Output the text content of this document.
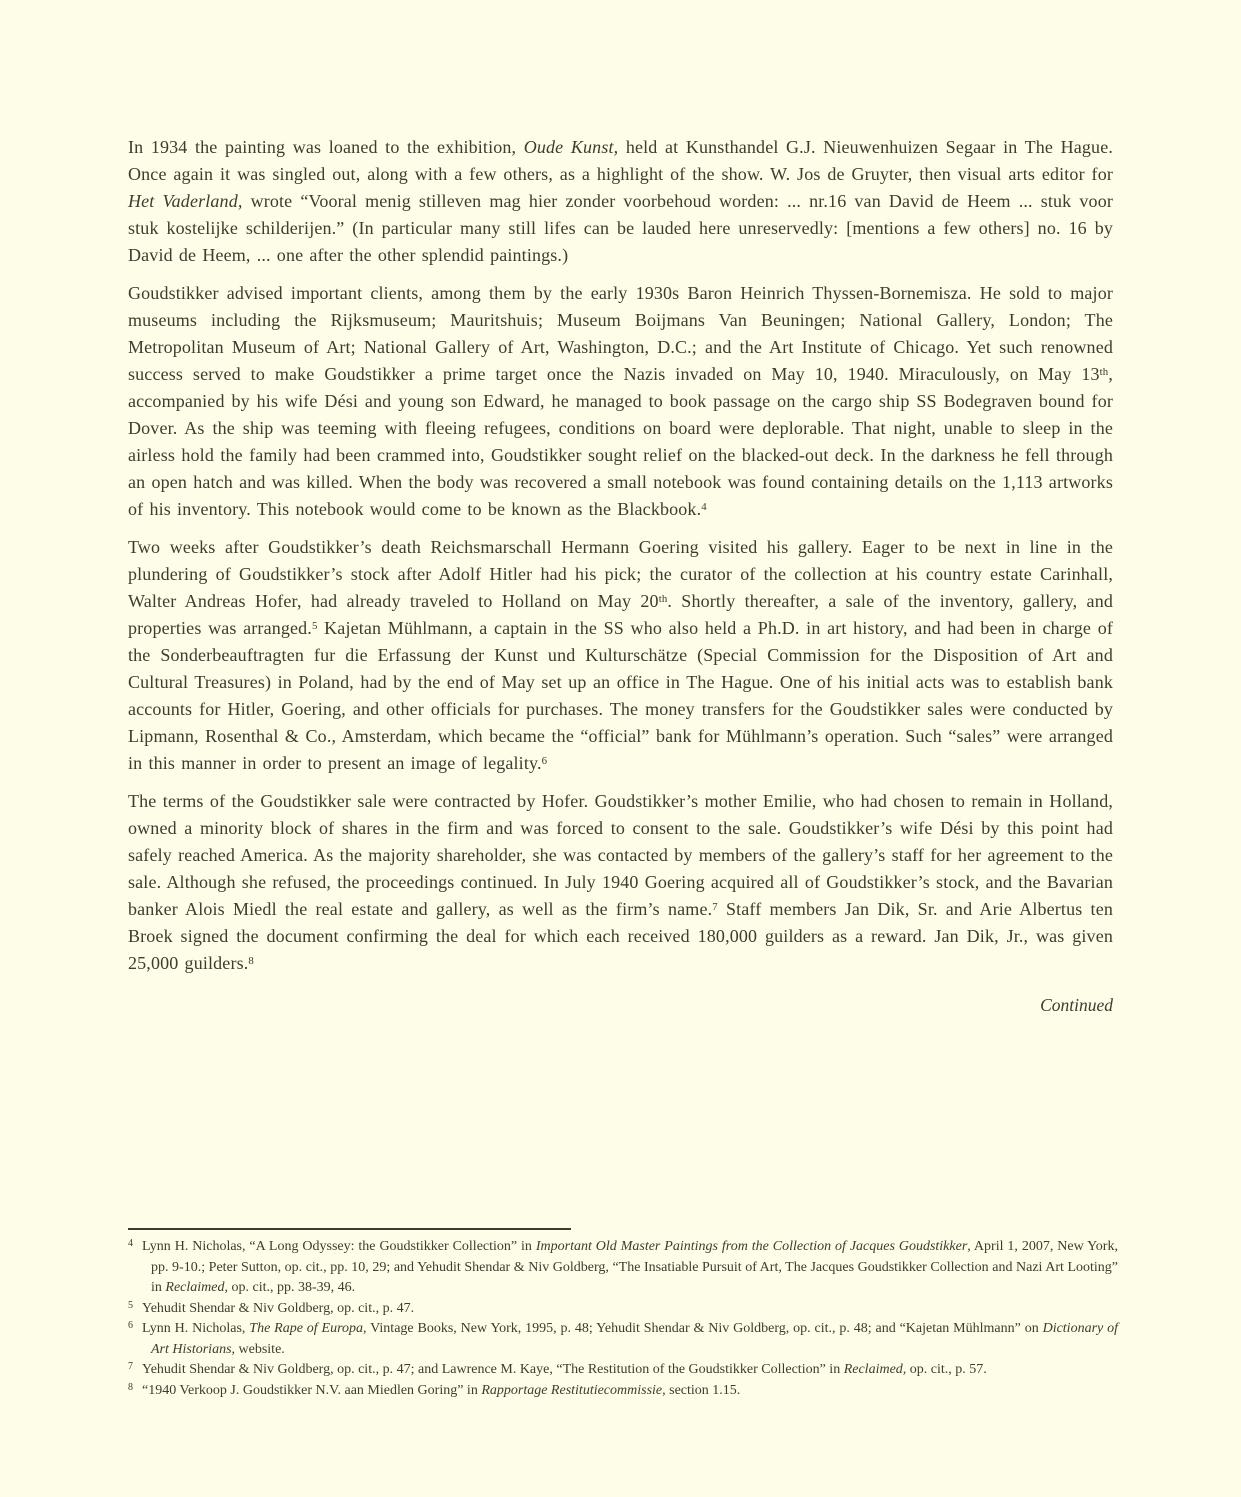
In 1934 the painting was loaned to the exhibition, Oude Kunst, held at Kunsthandel G.J. Nieuwenhuizen Segaar in The Hague. Once again it was singled out, along with a few others, as a highlight of the show. W. Jos de Gruyter, then visual arts editor for Het Vaderland, wrote “Vooral menig stilleven mag hier zonder voorbehoud worden: ... nr.16 van David de Heem ... stuk voor stuk kostelijke schilderijen.” (In particular many still lifes can be lauded here unreservedly: [mentions a few others] no. 16 by David de Heem, ... one after the other splendid paintings.)

Goudstikker advised important clients, among them by the early 1930s Baron Heinrich Thyssen-Bornemisza. He sold to major museums including the Rijksmuseum; Mauritshuis; Museum Boijmans Van Beuningen; National Gallery, London; The Metropolitan Museum of Art; National Gallery of Art, Washington, D.C.; and the Art Institute of Chicago. Yet such renowned success served to make Goudstikker a prime target once the Nazis invaded on May 10, 1940. Miraculously, on May 13th, accompanied by his wife Dési and young son Edward, he managed to book passage on the cargo ship SS Bodegraven bound for Dover. As the ship was teeming with fleeing refugees, conditions on board were deplorable. That night, unable to sleep in the airless hold the family had been crammed into, Goudstikker sought relief on the blacked-out deck. In the darkness he fell through an open hatch and was killed. When the body was recovered a small notebook was found containing details on the 1,113 artworks of his inventory. This notebook would come to be known as the Blackbook.$^4$

Two weeks after Goudstikker’s death Reichsmarschall Hermann Goering visited his gallery. Eager to be next in line in the plundering of Goudstikker’s stock after Adolf Hitler had his pick; the curator of the collection at his country estate Carinhall, Walter Andreas Hofer, had already traveled to Holland on May 20th. Shortly thereafter, a sale of the inventory, gallery, and properties was arranged.$^5$ Kajetan Mühlmann, a captain in the SS who also held a Ph.D. in art history, and had been in charge of the Sonderbeauftragten fur die Erfassung der Kunst und Kulturschätze (Special Commission for the Disposition of Art and Cultural Treasures) in Poland, had by the end of May set up an office in The Hague. One of his initial acts was to establish bank accounts for Hitler, Goering, and other officials for purchases. The money transfers for the Goudstikker sales were conducted by Lipmann, Rosenthal & Co., Amsterdam, which became the “official” bank for Mühlmann’s operation. Such “sales” were arranged in this manner in order to present an image of legality.$^6$

The terms of the Goudstikker sale were contracted by Hofer. Goudstikker’s mother Emilie, who had chosen to remain in Holland, owned a minority block of shares in the firm and was forced to consent to the sale. Goudstikker’s wife Dési by this point had safely reached America. As the majority shareholder, she was contacted by members of the gallery’s staff for her agreement to the sale. Although she refused, the proceedings continued. In July 1940 Goering acquired all of Goudstikker’s stock, and the Bavarian banker Alois Miedl the real estate and gallery, as well as the firm’s name.$^7$ Staff members Jan Dik, Sr. and Arie Albertus ten Broek signed the document confirming the deal for which each received 180,000 guilders as a reward. Jan Dik, Jr., was given 25,000 guilders.$^8$

Continued
$^4$ Lynn H. Nicholas, “A Long Odyssey: the Goudstikker Collection” in Important Old Master Paintings from the Collection of Jacques Goudstikker, April 1, 2007, New York, pp. 9-10.; Peter Sutton, op. cit., pp. 10, 29; and Yehudit Shendar & Niv Goldberg, “The Insatiable Pursuit of Art, The Jacques Goudstikker Collection and Nazi Art Looting” in Reclaimed, op. cit., pp. 38-39, 46.
$^5$ Yehudit Shendar & Niv Goldberg, op. cit., p. 47.
$^6$ Lynn H. Nicholas, The Rape of Europa, Vintage Books, New York, 1995, p. 48; Yehudit Shendar & Niv Goldberg, op. cit., p. 48; and “Kajetan Mühlmann” on Dictionary of Art Historians, website.
$^7$ Yehudit Shendar & Niv Goldberg, op. cit., p. 47; and Lawrence M. Kaye, “The Restitution of the Goudstikker Collection” in Reclaimed, op. cit., p. 57.
$^8$ “1940 Verkoop J. Goudstikker N.V. aan Miedlen Goring” in Rapportage Restitutiecommissie, section 1.15.
